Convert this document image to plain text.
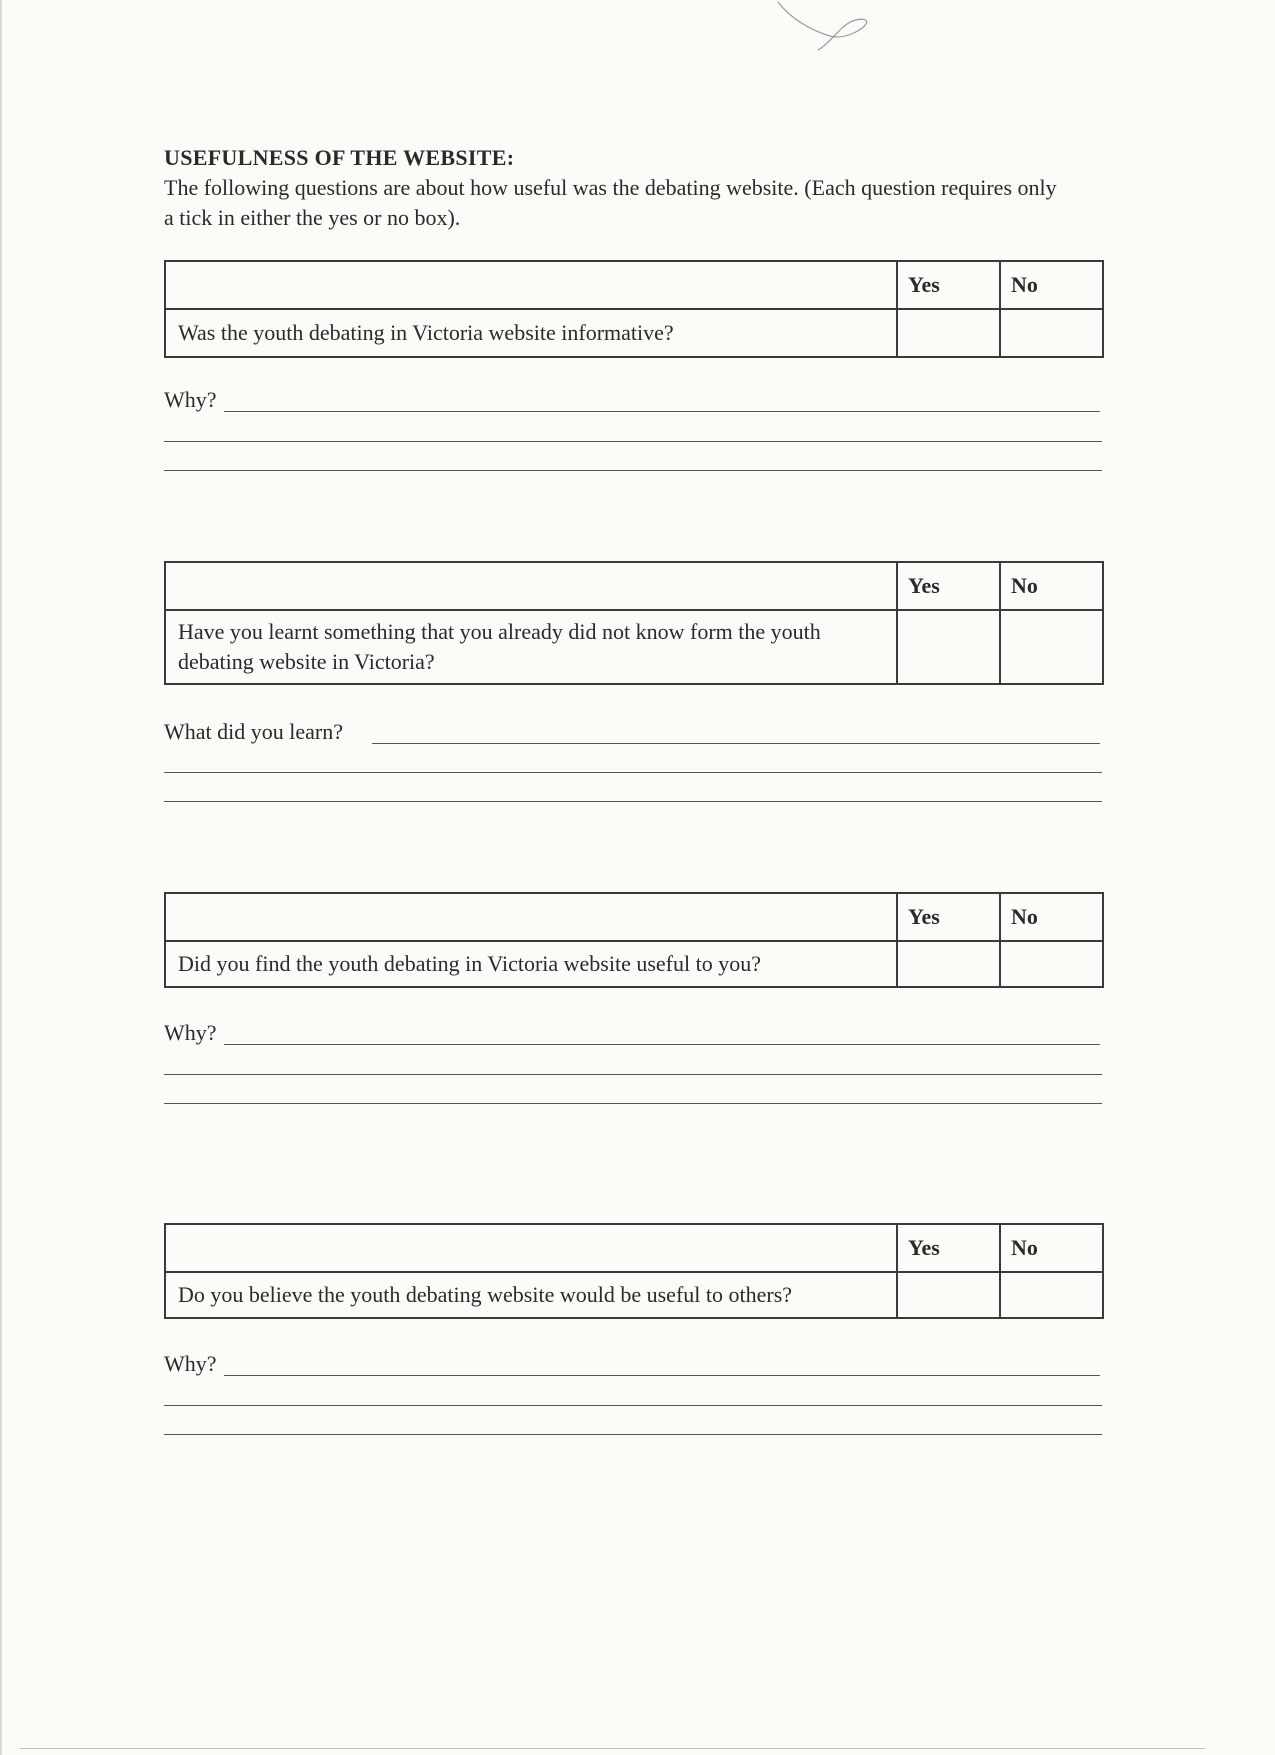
USEFULNESS OF THE WEBSITE:
The following questions are about how useful was the debating website. (Each question requires only a tick in either the yes or no box).
	Yes	No
Was the youth debating in Victoria website informative?		
Why?
	Yes	No
Have you learnt something that you already did not know form the youth debating website in Victoria?		
What did you learn?
	Yes	No
Did you find the youth debating in Victoria website useful to you?		
Why?
	Yes	No
Do you believe the youth debating website would be useful to others?		
Why?
